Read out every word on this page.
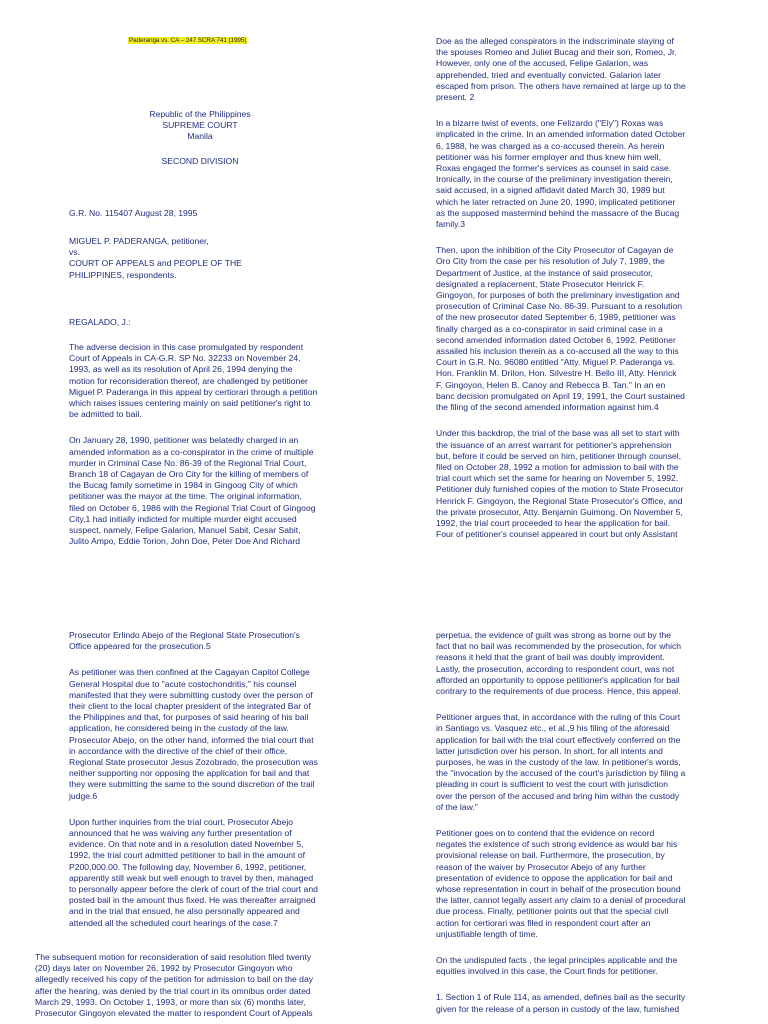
Paderanga vs. CA – 247 SCRA 741 (1995)
Republic of the Philippines
SUPREME COURT
Manila
SECOND DIVISION
G.R. No. 115407 August 28, 1995
MIGUEL P. PADERANGA, petitioner,
vs.
COURT OF APPEALS and PEOPLE OF THE
PHILIPPINES, respondents.
REGALADO, J.:

The adverse decision in this case promulgated by respondent
Court of Appeals in CA-G.R. SP No. 32233 on November 24,
1993, as well as its resolution of April 26, 1994 denying the
motion for reconsideration thereof, are challenged by petitioner
Miguel P. Paderanga in this appeal by certiorari through a petition
which raises issues centering mainly on said petitioner's right to
be admitted to bail.

On January 28, 1990, petitioner was belatedly charged in an
amended information as a co-conspirator in the crime of multiple
murder in Criminal Case No. 86-39 of the Regional Trial Court,
Branch 18 of Cagayan de Oro City for the killing of members of
the Bucag family sometime in 1984 in Gingoog City of which
petitioner was the mayor at the time. The original information,
filed on October 6, 1986 with the Regional Trial Court of Gingoog
City,1 had initially indicted for multiple murder eight accused
suspect, namely, Felipe Galarion, Manuel Sabit, Cesar Sabit,
Julito Ampo, Eddie Torion, John Doe, Peter Doe And Richard

Doe as the alleged conspirators in the indiscriminate slaying of
the spouses Romeo and Juliet Bucag and their son, Romeo, Jr.
However, only one of the accused, Felipe Galarion, was
apprehended, tried and eventually convicted. Galarion later
escaped from prison. The others have remained at large up to the
present. 2

In a bizarre twist of events, one Felizardo ("Ely") Roxas was
implicated in the crime. In an amended information dated October
6, 1988, he was charged as a co-accused therein. As herein
petitioner was his former employer and thus knew him well,
Roxas engaged the former's services as counsel in said case.
Ironically, in the course of the preliminary investigation therein,
said accused, in a signed affidavit dated March 30, 1989 but
which he later retracted on June 20, 1990, implicated petitioner
as the supposed mastermind behind the massacre of the Bucag
family.3

Then, upon the inhibition of the City Prosecutor of Cagayan de
Oro City from the case per his resolution of July 7, 1989, the
Department of Justice, at the instance of said prosecutor,
designated a replacement, State Prosecutor Henrick F.
Gingoyon, for purposes of both the preliminary investigation and
prosecution of Criminal Case No. 86-39. Pursuant to a resolution
of the new prosecutor dated September 6, 1989, petitioner was
finally charged as a co-conspirator in said criminal case in a
second amended information dated October 6, 1992. Petitioner
assailed his inclusion therein as a co-accused all the way to this
Court in G.R. No. 96080 entitled "Atty. Miguel P. Paderanga vs.
Hon. Franklin M. Drilon, Hon. Silvestre H. Bello III, Atty. Henrick
F. Gingoyon, Helen B. Canoy and Rebecca B. Tan." In an en
banc decision promulgated on April 19, 1991, the Court sustained
the filing of the second amended information against him.4

Under this backdrop, the trial of the base was all set to start with
the issuance of an arrest warrant for petitioner's apprehension
but, before it could be served on him, petitioner through counsel,
filed on October 28, 1992 a motion for admission to bail with the
trial court which set the same for hearing on November 5, 1992.
Petitioner duly furnished copies of the motion to State Prosecutor
Henrick F. Gingoyon, the Regional State Prosecutor's Office, and
the private prosecutor, Atty. Benjamin Guimong. On November 5,
1992, the trial court proceeded to hear the application for bail.
Four of petitioner's counsel appeared in court but only Assistant

Prosecutor Erlindo Abejo of the Regional State Prosecution's
Office appeared for the prosecution.5

As petitioner was then confined at the Cagayan Capitol College
General Hospital due to "acute costochondritis," his counsel
manifested that they were submitting custody over the person of
their client to the local chapter president of the integrated Bar of
the Philippines and that, for purposes of said hearing of his bail
application, he considered being in the custody of the law.
Prosecutor Abejo, on the other hand, informed the trial court that
in accordance with the directive of the chief of their office,
Regional State prosecutor Jesus Zozobrado, the prosecution was
neither supporting nor opposing the application for bail and that
they were submitting the same to the sound discretion of the trail
judge.6

Upon further inquiries from the trial court, Prosecutor Abejo
announced that he was waiving any further presentation of
evidence. On that note and in a resolution dated November 5,
1992, the trial court admitted petitioner to bail in the amount of
P200,000.00. The following day, November 6, 1992, petitioner,
apparently still weak but well enough to travel by then, managed
to personally appear before the clerk of court of the trial court and
posted bail in the amount thus fixed. He was thereafter arraigned
and in the trial that ensued, he also personally appeared and
attended all the scheduled court hearings of the case.7

The subsequent motion for reconsideration of said resolution filed twenty
(20) days later on November 26, 1992 by Prosecutor Gingoyon who
allegedly received his copy of the petition for admission to bail on the day
after the hearing, was denied by the trial court in its omnibus order dated
March 29, 1993. On October 1, 1993, or more than six (6) months later,
Prosecutor Gingoyon elevated the matter to respondent Court of Appeals

perpetua, the evidence of guilt was strong as borne out by the
fact that no bail was recommended by the prosecution, for which
reasons it held that the grant of bail was doubly improvident.
Lastly, the prosecution, according to respondent court, was not
afforded an opportunity to oppose petitioner's application for bail
contrary to the requirements of due process. Hence, this appeal.

Petitioner argues that, in accordance with the ruling of this Court
in Santiago vs. Vasquez etc., et al.,9 his filing of the aforesaid
application for bail with the trial court effectively conferred on the
latter jurisdiction over his person. In short, for all intents and
purposes, he was in the custody of the law. In petitioner's words,
the "invocation by the accused of the court's jurisdiction by filing a
pleading in court is sufficient to vest the court with jurisdiction
over the person of the accused and bring him within the custody
of the law."

Petitioner goes on to contend that the evidence on record
negates the existence of such strong evidence as would bar his
provisional release on bail. Furthermore, the prosecution, by
reason of the waiver by Prosecutor Abejo of any further
presentation of evidence to oppose the application for bail and
whose representation in court in behalf of the prosecution bound
the latter, cannot legally assert any claim to a denial of procedural
due process. Finally, petitioner points out that the special civil
action for certiorari was filed in respondent court after an
unjustifiable length of time.

On the undisputed facts , the legal principles applicable and the
equities involved in this case, the Court finds for petitioner.

1. Section 1 of Rule 114, as amended, defines bail as the security
given for the release of a person in custody of the law, furnished
